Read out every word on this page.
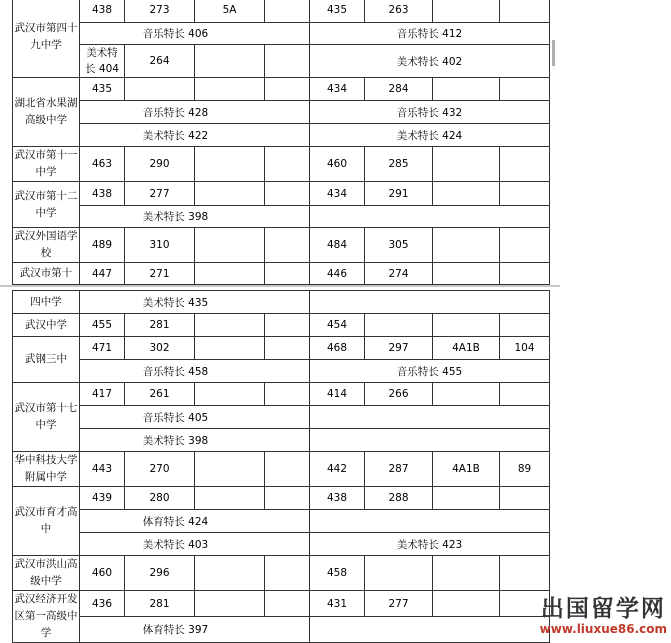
武汉市第四十九中学	438	273	5A		435	263		
	音乐特长 406				音乐特长 412			
	美术特长 404	264			美术特长 402			
湖北省水果湖高级中学	435				434	284		
	音乐特长 428				音乐特长 432			
	美术特长 422				美术特长 424			
武汉市第十一中学	463	290			460	285		
武汉市第十二中学	438	277			434	291		
	美术特长 398							
武汉外国语学校	489	310			484	305		
武汉市第十	447	271			446	274		
四中学	美术特长 435							
武汉中学	455	281			454			
武钢三中	471	302			468	297	4A1B	104
	音乐特长 458				音乐特长 455			
武汉市第十七中学	417	261			414	266		
	音乐特长 405							
	美术特长 398							
华中科技大学附属中学	443	270			442	287	4A1B	89
武汉市育才高中	439	280			438	288		
	体育特长 424							
	美术特长 403				美术特长 423			
武汉市洪山高级中学	460	296			458			
武汉经济开发区第一高级中学	436	281			431	277		
	体育特长 397							
出国留学网
www.liuxue86.com
